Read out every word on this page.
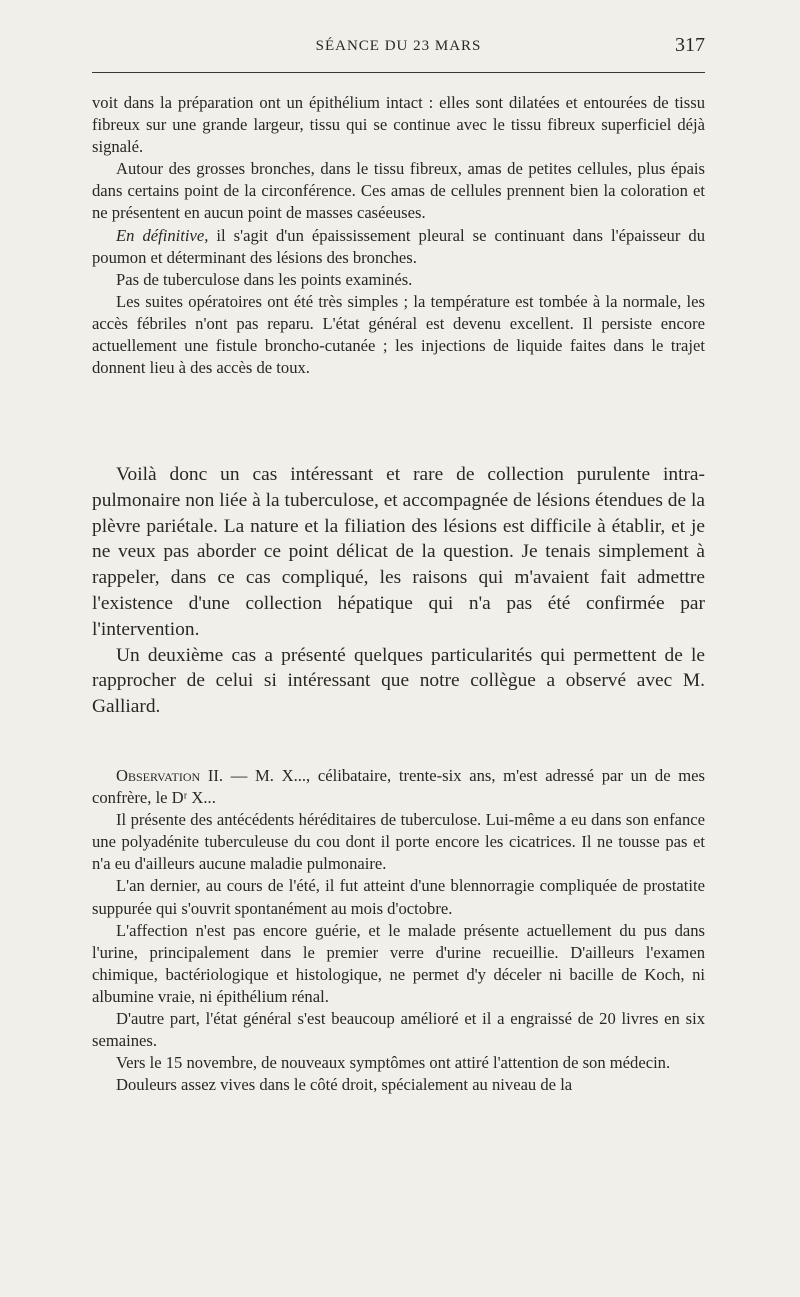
SÉANCE DU 23 MARS	317

voit dans la préparation ont un épithélium intact : elles sont dilatées et entourées de tissu fibreux sur une grande largeur, tissu qui se continue avec le tissu fibreux superficiel déjà signalé.

Autour des grosses bronches, dans le tissu fibreux, amas de petites cellules, plus épais dans certains point de la circonférence. Ces amas de cellules prennent bien la coloration et ne présentent en aucun point de masses caséeuses.

En définitive, il s'agit d'un épaississement pleural se continuant dans l'épaisseur du poumon et déterminant des lésions des bronches.

Pas de tuberculose dans les points examinés.

Les suites opératoires ont été très simples ; la température est tombée à la normale, les accès fébriles n'ont pas reparu. L'état général est devenu excellent. Il persiste encore actuellement une fistule broncho-cutanée ; les injections de liquide faites dans le trajet donnent lieu à des accès de toux.

Voilà donc un cas intéressant et rare de collection purulente intra-pulmonaire non liée à la tuberculose, et accompagnée de lésions étendues de la plèvre pariétale. La nature et la filiation des lésions est difficile à établir, et je ne veux pas aborder ce point délicat de la question. Je tenais simplement à rappeler, dans ce cas compliqué, les raisons qui m'avaient fait admettre l'existence d'une collection hépatique qui n'a pas été confirmée par l'intervention.

Un deuxième cas a présenté quelques particularités qui permettent de le rapprocher de celui si intéressant que notre collègue a observé avec M. Galliard.

Observation II. — M. X..., célibataire, trente-six ans, m'est adressé par un de mes confrère, le Dʳ X...

Il présente des antécédents héréditaires de tuberculose. Lui-même a eu dans son enfance une polyadénite tuberculeuse du cou dont il porte encore les cicatrices. Il ne tousse pas et n'a eu d'ailleurs aucune maladie pulmonaire.

L'an dernier, au cours de l'été, il fut atteint d'une blennorragie compliquée de prostatite suppurée qui s'ouvrit spontanément au mois d'octobre.

L'affection n'est pas encore guérie, et le malade présente actuellement du pus dans l'urine, principalement dans le premier verre d'urine recueillie. D'ailleurs l'examen chimique, bactériologique et histologique, ne permet d'y déceler ni bacille de Koch, ni albumine vraie, ni épithélium rénal.

D'autre part, l'état général s'est beaucoup amélioré et il a engraissé de 20 livres en six semaines.

Vers le 15 novembre, de nouveaux symptômes ont attiré l'attention de son médecin.

Douleurs assez vives dans le côté droit, spécialement au niveau de la
